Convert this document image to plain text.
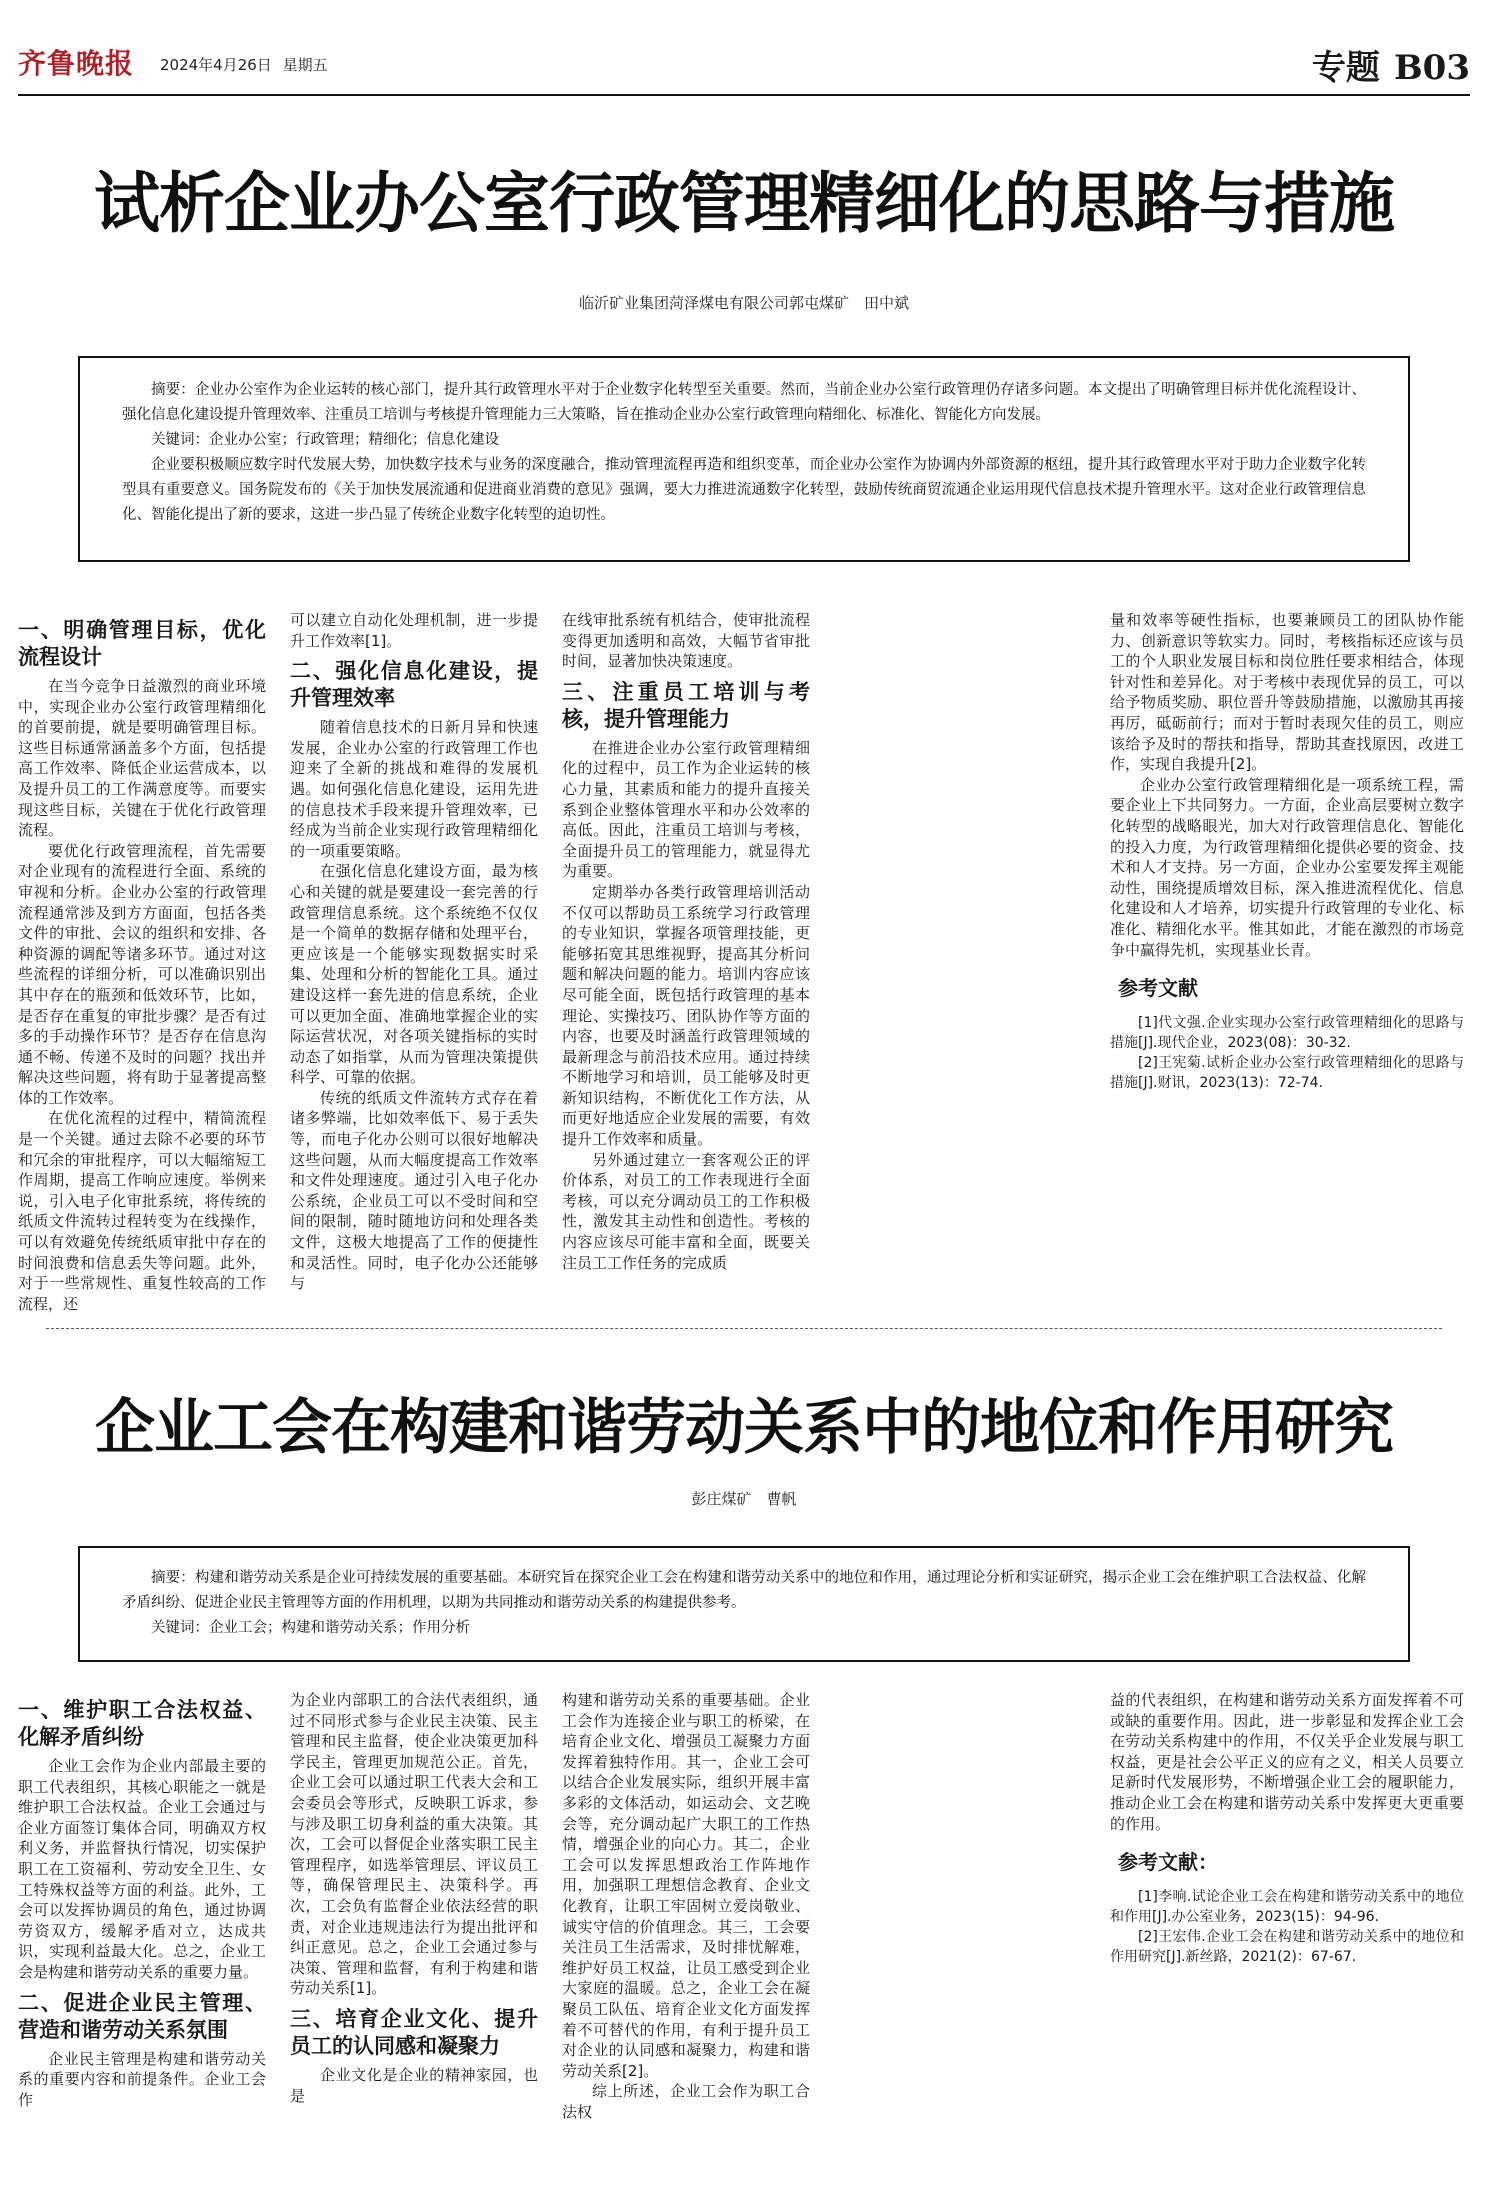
齐鲁晚报 2024年4月26日 星期五	专题 B03
试析企业办公室行政管理精细化的思路与措施
临沂矿业集团菏泽煤电有限公司郭屯煤矿　田中斌

摘要：企业办公室作为企业运转的核心部门，提升其行政管理水平对于企业数字化转型至关重要。然而，当前企业办公室行政管理仍存诸多问题。本文提出了明确管理目标并优化流程设计、强化信息化建设提升管理效率、注重员工培训与考核提升管理能力三大策略，旨在推动企业办公室行政管理向精细化、标准化、智能化方向发展。

关键词：企业办公室；行政管理；精细化；信息化建设

企业要积极顺应数字时代发展大势，加快数字技术与业务的深度融合，推动管理流程再造和组织变革，而企业办公室作为协调内外部资源的枢纽，提升其行政管理水平对于助力企业数字化转型具有重要意义。国务院发布的《关于加快发展流通和促进商业消费的意见》强调，要大力推进流通数字化转型，鼓励传统商贸流通企业运用现代信息技术提升管理水平。这对企业行政管理信息化、智能化提出了新的要求，这进一步凸显了传统企业数字化转型的迫切性。

一、明确管理目标，优化流程设计

在当今竞争日益激烈的商业环境中，实现企业办公室行政管理精细化的首要前提，就是要明确管理目标。这些目标通常涵盖多个方面，包括提高工作效率、降低企业运营成本，以及提升员工的工作满意度等。而要实现这些目标，关键在于优化行政管理流程。

要优化行政管理流程，首先需要对企业现有的流程进行全面、系统的审视和分析。企业办公室的行政管理流程通常涉及到方方面面，包括各类文件的审批、会议的组织和安排、各种资源的调配等诸多环节。通过对这些流程的详细分析，可以准确识别出其中存在的瓶颈和低效环节，比如，是否存在重复的审批步骤？是否有过多的手动操作环节？是否存在信息沟通不畅、传递不及时的问题？找出并解决这些问题，将有助于显著提高整体的工作效率。

在优化流程的过程中，精简流程是一个关键。通过去除不必要的环节和冗余的审批程序，可以大幅缩短工作周期，提高工作响应速度。举例来说，引入电子化审批系统，将传统的纸质文件流转过程转变为在线操作，可以有效避免传统纸质审批中存在的时间浪费和信息丢失等问题。此外，对于一些常规性、重复性较高的工作流程，还

可以建立自动化处理机制，进一步提升工作效率[1]。

二、强化信息化建设，提升管理效率

随着信息技术的日新月异和快速发展，企业办公室的行政管理工作也迎来了全新的挑战和难得的发展机遇。如何强化信息化建设，运用先进的信息技术手段来提升管理效率，已经成为当前企业实现行政管理精细化的一项重要策略。

在强化信息化建设方面，最为核心和关键的就是要建设一套完善的行政管理信息系统。这个系统绝不仅仅是一个简单的数据存储和处理平台，更应该是一个能够实现数据实时采集、处理和分析的智能化工具。通过建设这样一套先进的信息系统，企业可以更加全面、准确地掌握企业的实际运营状况，对各项关键指标的实时动态了如指掌，从而为管理决策提供科学、可靠的依据。

传统的纸质文件流转方式存在着诸多弊端，比如效率低下、易于丢失等，而电子化办公则可以很好地解决这些问题，从而大幅度提高工作效率和文件处理速度。通过引入电子化办公系统，企业员工可以不受时间和空间的限制，随时随地访问和处理各类文件，这极大地提高了工作的便捷性和灵活性。同时，电子化办公还能够与

在线审批系统有机结合，使审批流程变得更加透明和高效，大幅节省审批时间，显著加快决策速度。

三、注重员工培训与考核，提升管理能力

在推进企业办公室行政管理精细化的过程中，员工作为企业运转的核心力量，其素质和能力的提升直接关系到企业整体管理水平和办公效率的高低。因此，注重员工培训与考核，全面提升员工的管理能力，就显得尤为重要。

定期举办各类行政管理培训活动不仅可以帮助员工系统学习行政管理的专业知识，掌握各项管理技能，更能够拓宽其思维视野，提高其分析问题和解决问题的能力。培训内容应该尽可能全面，既包括行政管理的基本理论、实操技巧、团队协作等方面的内容，也要及时涵盖行政管理领域的最新理念与前沿技术应用。通过持续不断地学习和培训，员工能够及时更新知识结构，不断优化工作方法，从而更好地适应企业发展的需要，有效提升工作效率和质量。

另外通过建立一套客观公正的评价体系，对员工的工作表现进行全面考核，可以充分调动员工的工作积极性，激发其主动性和创造性。考核的内容应该尽可能丰富和全面，既要关注员工工作任务的完成质

量和效率等硬性指标，也要兼顾员工的团队协作能力、创新意识等软实力。同时，考核指标还应该与员工的个人职业发展目标和岗位胜任要求相结合，体现针对性和差异化。对于考核中表现优异的员工，可以给予物质奖励、职位晋升等鼓励措施，以激励其再接再厉，砥砺前行；而对于暂时表现欠佳的员工，则应该给予及时的帮扶和指导，帮助其查找原因，改进工作，实现自我提升[2]。

企业办公室行政管理精细化是一项系统工程，需要企业上下共同努力。一方面，企业高层要树立数字化转型的战略眼光，加大对行政管理信息化、智能化的投入力度，为行政管理精细化提供必要的资金、技术和人才支持。另一方面，企业办公室要发挥主观能动性，围绕提质增效目标，深入推进流程优化、信息化建设和人才培养，切实提升行政管理的专业化、标准化、精细化水平。惟其如此，才能在激烈的市场竞争中赢得先机，实现基业长青。

参考文献

[1]代文强.企业实现办公室行政管理精细化的思路与措施[J].现代企业，2023(08)：30-32.

[2]王宪菊.试析企业办公室行政管理精细化的思路与措施[J].财讯，2023(13)：72-74.

企业工会在构建和谐劳动关系中的地位和作用研究
彭庄煤矿　曹帆

摘要：构建和谐劳动关系是企业可持续发展的重要基础。本研究旨在探究企业工会在构建和谐劳动关系中的地位和作用，通过理论分析和实证研究，揭示企业工会在维护职工合法权益、化解矛盾纠纷、促进企业民主管理等方面的作用机理，以期为共同推动和谐劳动关系的构建提供参考。

关键词：企业工会；构建和谐劳动关系；作用分析

一、维护职工合法权益、化解矛盾纠纷

企业工会作为企业内部最主要的职工代表组织，其核心职能之一就是维护职工合法权益。企业工会通过与企业方面签订集体合同，明确双方权利义务，并监督执行情况，切实保护职工在工资福利、劳动安全卫生、女工特殊权益等方面的利益。此外，工会可以发挥协调员的角色，通过协调劳资双方，缓解矛盾对立，达成共识，实现利益最大化。总之，企业工会是构建和谐劳动关系的重要力量。

二、促进企业民主管理、营造和谐劳动关系氛围

企业民主管理是构建和谐劳动关系的重要内容和前提条件。企业工会作

为企业内部职工的合法代表组织，通过不同形式参与企业民主决策、民主管理和民主监督，使企业决策更加科学民主，管理更加规范公正。首先，企业工会可以通过职工代表大会和工会委员会等形式，反映职工诉求，参与涉及职工切身利益的重大决策。其次，工会可以督促企业落实职工民主管理程序，如选举管理层、评议员工等，确保管理民主、决策科学。再次，工会负有监督企业依法经营的职责，对企业违规违法行为提出批评和纠正意见。总之，企业工会通过参与决策、管理和监督，有利于构建和谐劳动关系[1]。

三、培育企业文化、提升员工的认同感和凝聚力

企业文化是企业的精神家园，也是

构建和谐劳动关系的重要基础。企业工会作为连接企业与职工的桥梁，在培育企业文化、增强员工凝聚力方面发挥着独特作用。其一，企业工会可以结合企业发展实际，组织开展丰富多彩的文体活动，如运动会、文艺晚会等，充分调动起广大职工的工作热情，增强企业的向心力。其二，企业工会可以发挥思想政治工作阵地作用，加强职工理想信念教育、企业文化教育，让职工牢固树立爱岗敬业、诚实守信的价值理念。其三，工会要关注员工生活需求，及时排忧解难，维护好员工权益，让员工感受到企业大家庭的温暖。总之，企业工会在凝聚员工队伍、培育企业文化方面发挥着不可替代的作用，有利于提升员工对企业的认同感和凝聚力，构建和谐劳动关系[2]。

综上所述，企业工会作为职工合法权

益的代表组织，在构建和谐劳动关系方面发挥着不可或缺的重要作用。因此，进一步彰显和发挥企业工会在劳动关系构建中的作用，不仅关乎企业发展与职工权益，更是社会公平正义的应有之义，相关人员要立足新时代发展形势，不断增强企业工会的履职能力，推动企业工会在构建和谐劳动关系中发挥更大更重要的作用。

参考文献：

[1]李响.试论企业工会在构建和谐劳动关系中的地位和作用[J].办公室业务，2023(15)：94-96.

[2]王宏伟.企业工会在构建和谐劳动关系中的地位和作用研究[J].新丝路，2021(2)：67-67.
